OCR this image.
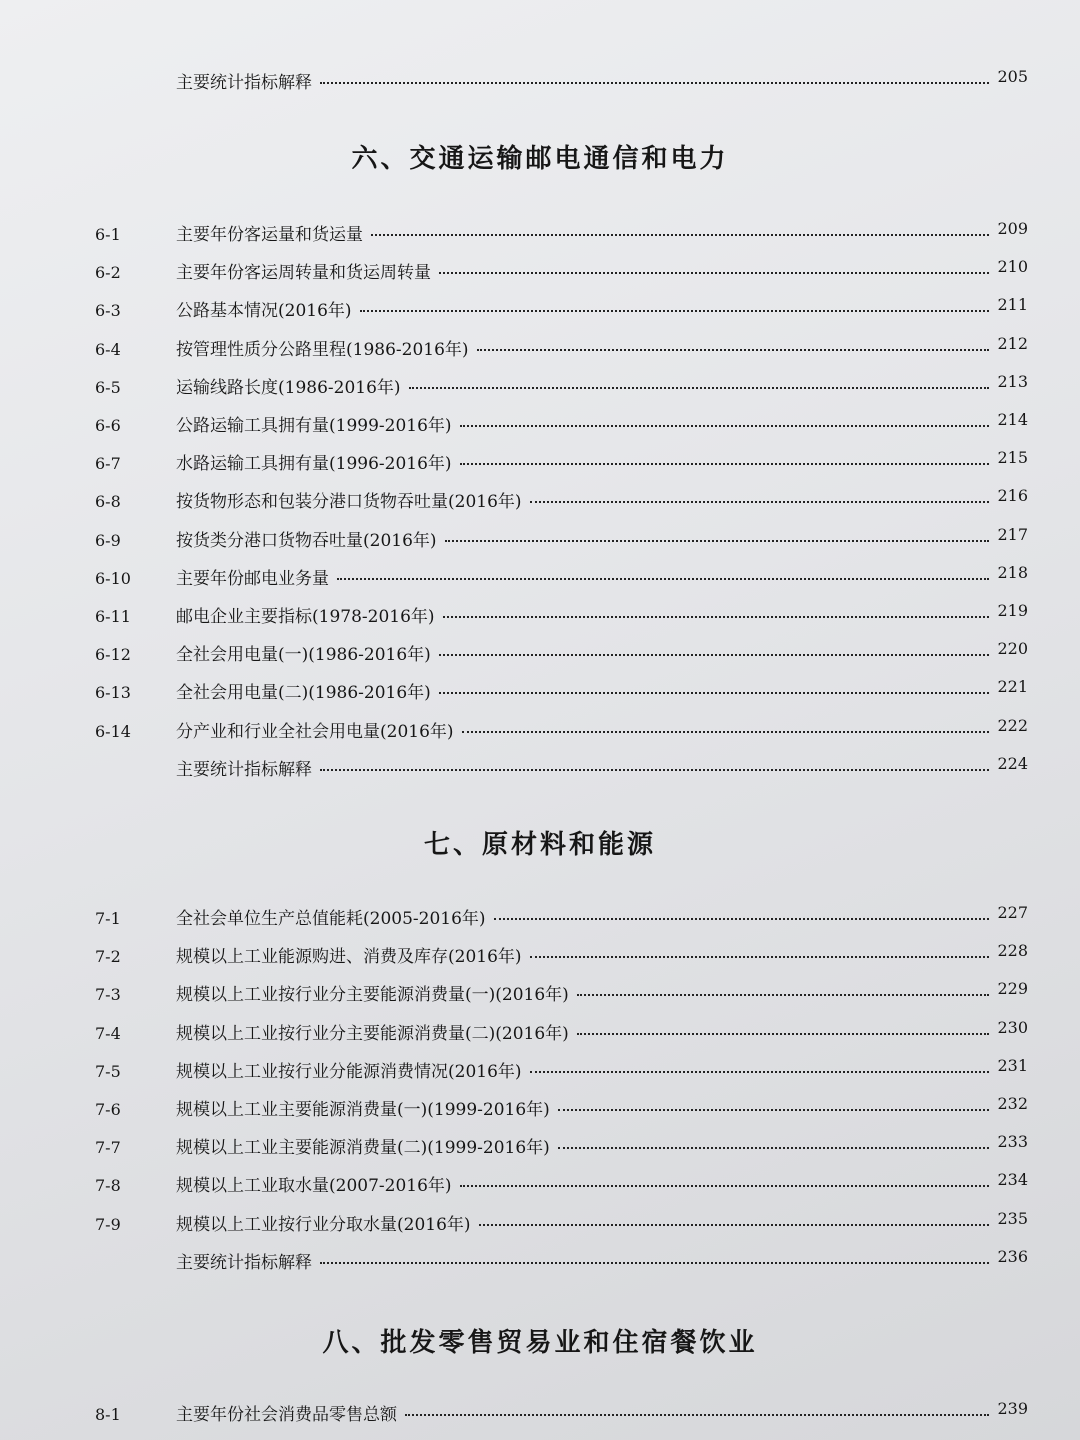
主要统计指标解释	205
六、交通运输邮电通信和电力
6-1	主要年份客运量和货运量	209
6-2	主要年份客运周转量和货运周转量	210
6-3	公路基本情况(2016年)	211
6-4	按管理性质分公路里程(1986-2016年)	212
6-5	运输线路长度(1986-2016年)	213
6-6	公路运输工具拥有量(1999-2016年)	214
6-7	水路运输工具拥有量(1996-2016年)	215
6-8	按货物形态和包装分港口货物吞吐量(2016年)	216
6-9	按货类分港口货物吞吐量(2016年)	217
6-10	主要年份邮电业务量	218
6-11	邮电企业主要指标(1978-2016年)	219
6-12	全社会用电量(一)(1986-2016年)	220
6-13	全社会用电量(二)(1986-2016年)	221
6-14	分产业和行业全社会用电量(2016年)	222
主要统计指标解释	224
七、原材料和能源
7-1	全社会单位生产总值能耗(2005-2016年)	227
7-2	规模以上工业能源购进、消费及库存(2016年)	228
7-3	规模以上工业按行业分主要能源消费量(一)(2016年)	229
7-4	规模以上工业按行业分主要能源消费量(二)(2016年)	230
7-5	规模以上工业按行业分能源消费情况(2016年)	231
7-6	规模以上工业主要能源消费量(一)(1999-2016年)	232
7-7	规模以上工业主要能源消费量(二)(1999-2016年)	233
7-8	规模以上工业取水量(2007-2016年)	234
7-9	规模以上工业按行业分取水量(2016年)	235
主要统计指标解释	236
八、批发零售贸易业和住宿餐饮业
8-1	主要年份社会消费品零售总额	239
